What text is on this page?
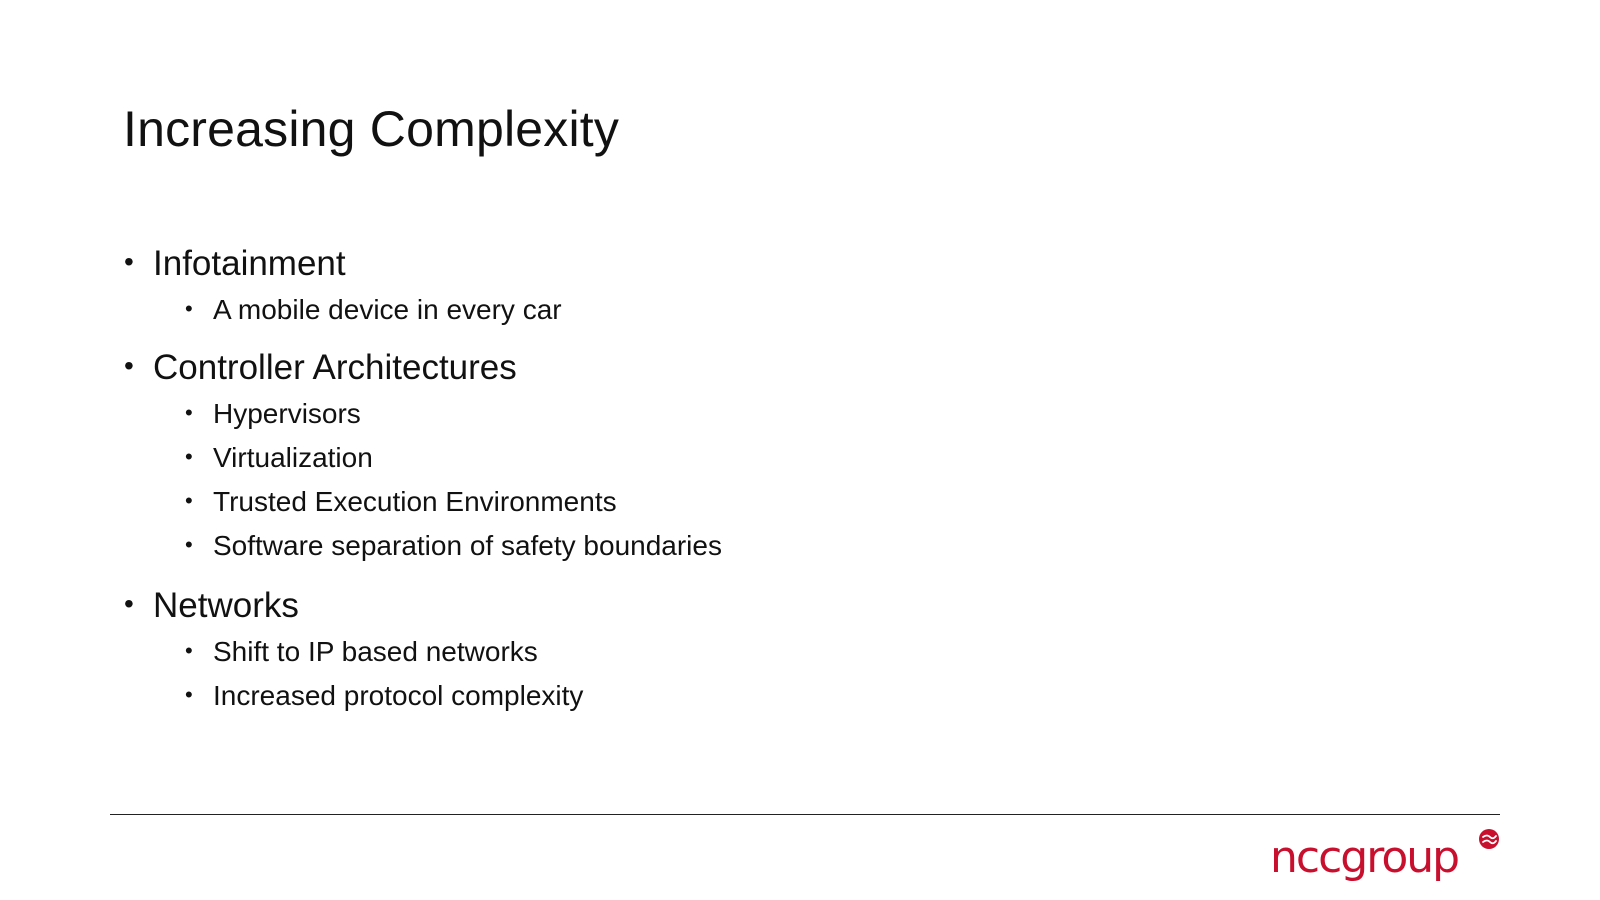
Increasing Complexity
• Infotainment
• A mobile device in every car
• Controller Architectures
• Hypervisors
• Virtualization
• Trusted Execution Environments
• Software separation of safety boundaries
• Networks
• Shift to IP based networks
• Increased protocol complexity
nccgroup
